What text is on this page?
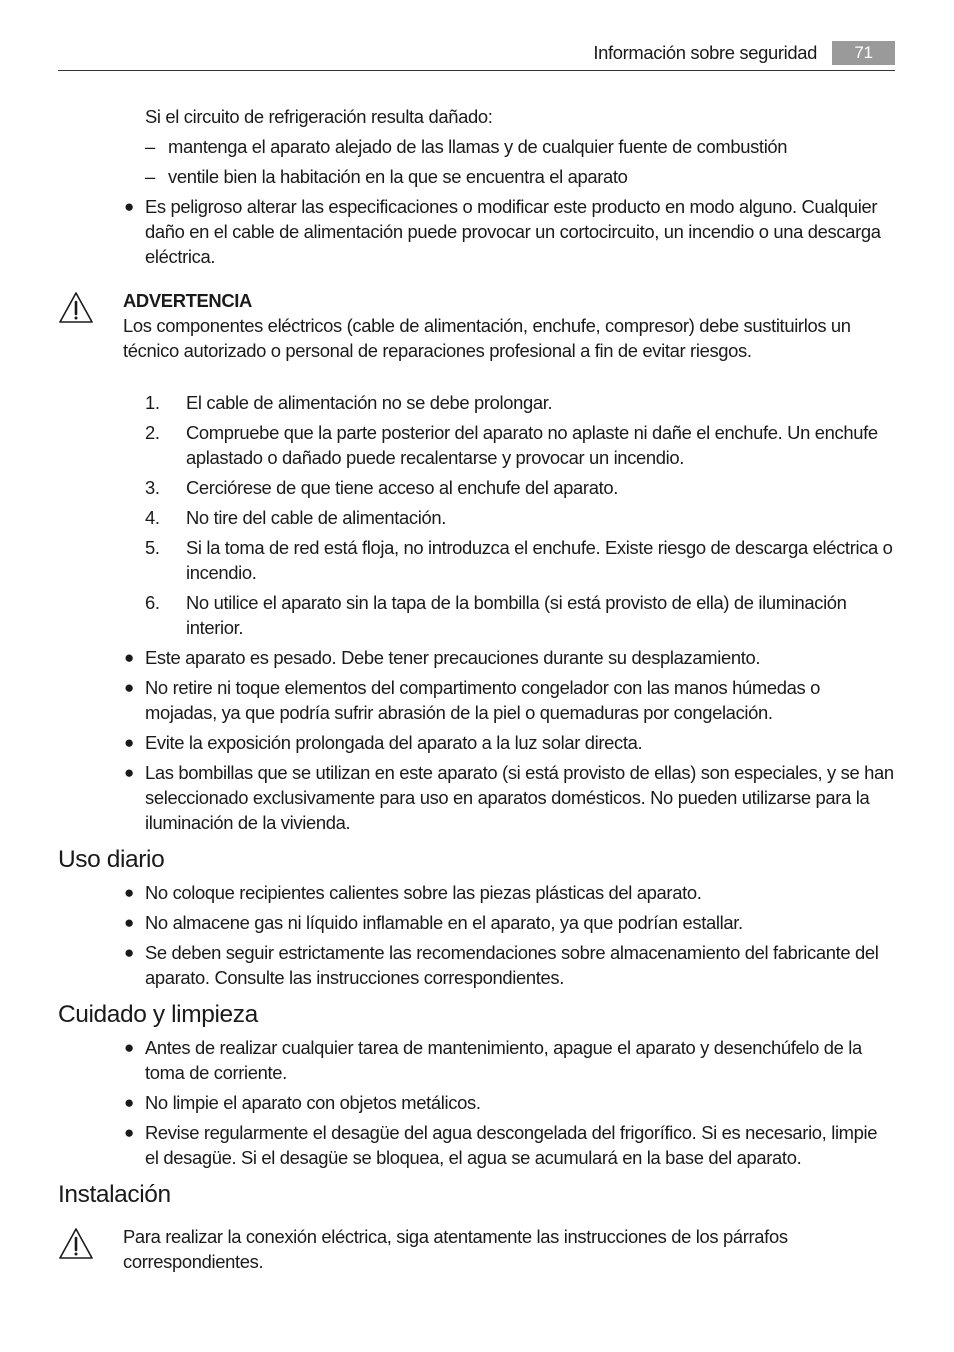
Información sobre seguridad	71

Si el circuito de refrigeración resulta dañado:

– mantenga el aparato alejado de las llamas y de cualquier fuente de combustión
– ventile bien la habitación en la que se encuentra el aparato
● Es peligroso alterar las especificaciones o modificar este producto en modo alguno. Cualquier daño en el cable de alimentación puede provocar un cortocircuito, un incendio o una descarga eléctrica.

ADVERTENCIA

Los componentes eléctricos (cable de alimentación, enchufe, compresor) debe sustituirlos un técnico autorizado o personal de reparaciones profesional a fin de evitar riesgos.

1. El cable de alimentación no se debe prolongar.
2. Compruebe que la parte posterior del aparato no aplaste ni dañe el enchufe. Un enchufe aplastado o dañado puede recalentarse y provocar un incendio.
3. Cerciórese de que tiene acceso al enchufe del aparato.
4. No tire del cable de alimentación.
5. Si la toma de red está floja, no introduzca el enchufe. Existe riesgo de descarga eléctrica o incendio.
6. No utilice el aparato sin la tapa de la bombilla (si está provisto de ella) de iluminación interior.
● Este aparato es pesado. Debe tener precauciones durante su desplazamiento.
● No retire ni toque elementos del compartimento congelador con las manos húmedas o mojadas, ya que podría sufrir abrasión de la piel o quemaduras por congelación.
● Evite la exposición prolongada del aparato a la luz solar directa.
● Las bombillas que se utilizan en este aparato (si está provisto de ellas) son especiales, y se han seleccionado exclusivamente para uso en aparatos domésticos. No pueden utilizarse para la iluminación de la vivienda.
Uso diario
● No coloque recipientes calientes sobre las piezas plásticas del aparato.
● No almacene gas ni líquido inflamable en el aparato, ya que podrían estallar.
● Se deben seguir estrictamente las recomendaciones sobre almacenamiento del fabricante del aparato. Consulte las instrucciones correspondientes.
Cuidado y limpieza
● Antes de realizar cualquier tarea de mantenimiento, apague el aparato y desenchúfelo de la toma de corriente.
● No limpie el aparato con objetos metálicos.
● Revise regularmente el desagüe del agua descongelada del frigorífico. Si es necesario, limpie el desagüe. Si el desagüe se bloquea, el agua se acumulará en la base del aparato.
Instalación

Para realizar la conexión eléctrica, siga atentamente las instrucciones de los párrafos correspondientes.
